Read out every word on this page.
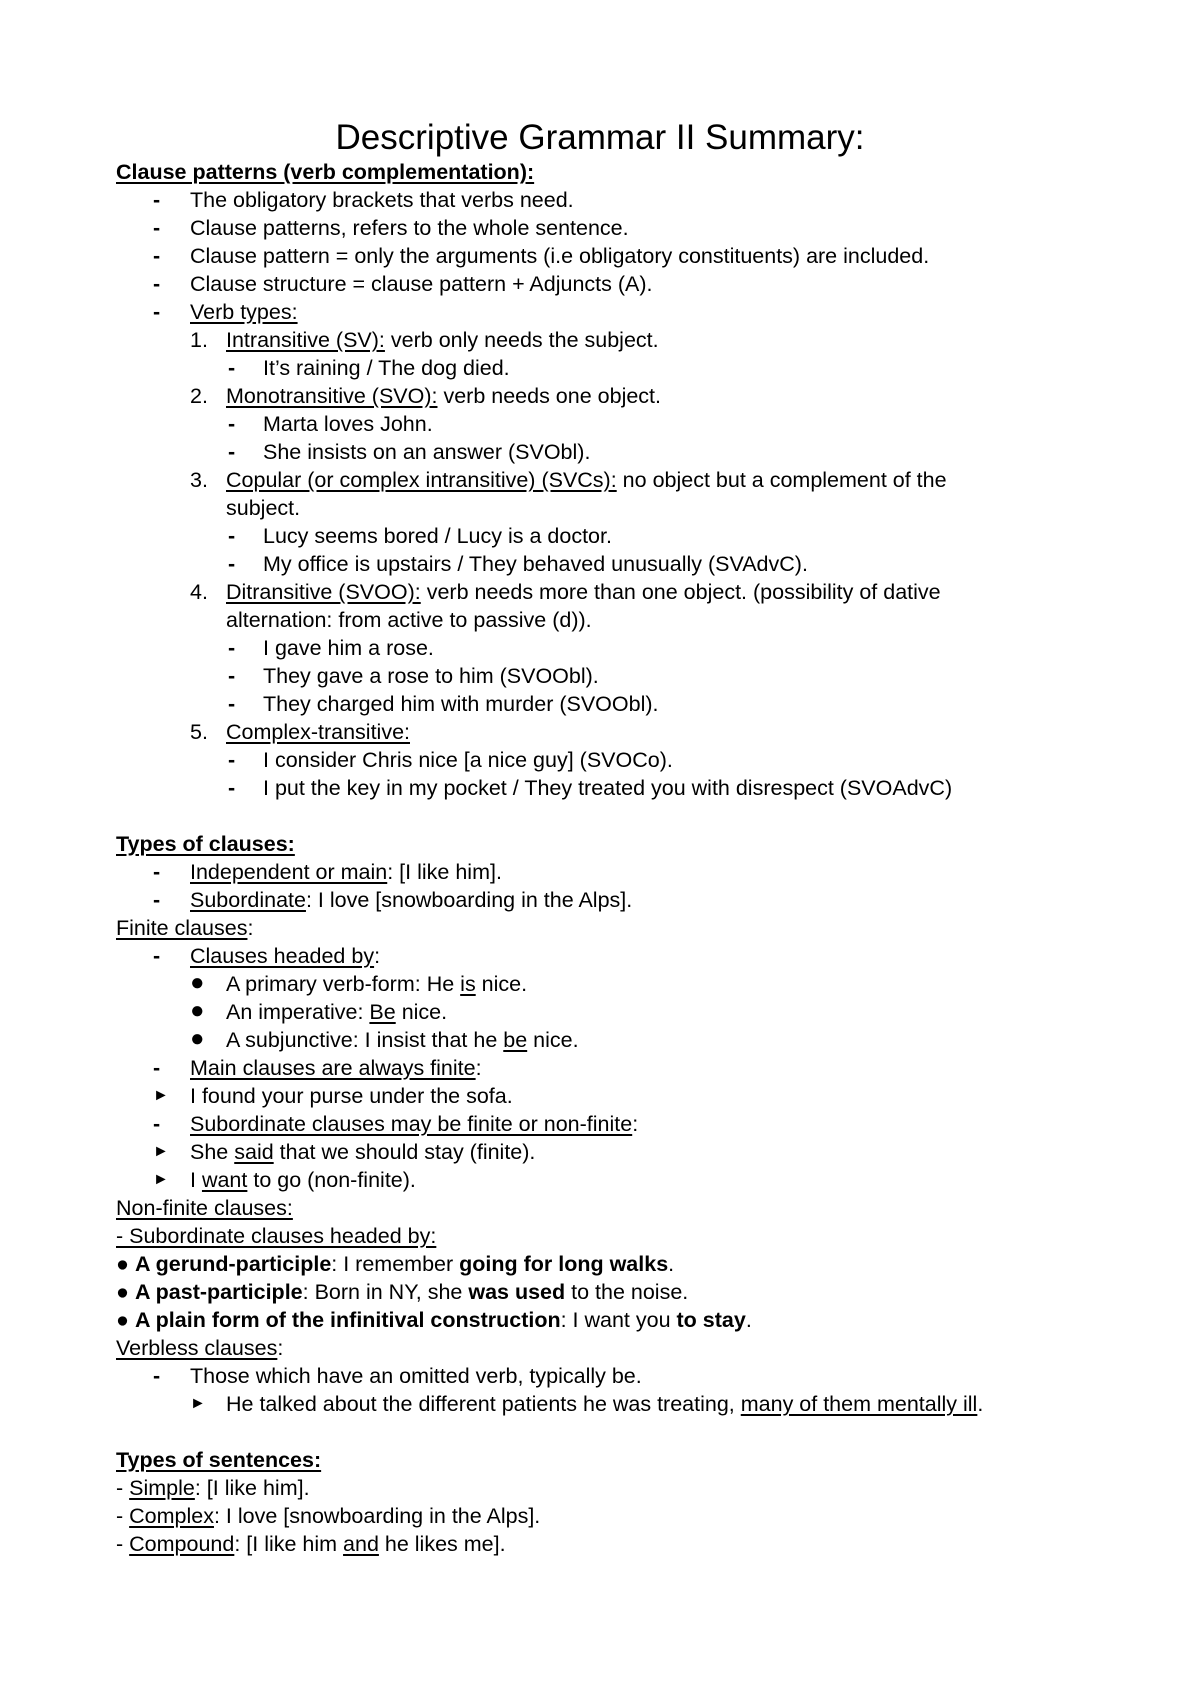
Descriptive Grammar II Summary:
Clause patterns (verb complementation):
- The obligatory brackets that verbs need.
- Clause patterns, refers to the whole sentence.
- Clause pattern = only the arguments (i.e obligatory constituents) are included.
- Clause structure = clause pattern + Adjuncts (A).
- Verb types:
1. Intransitive (SV): verb only needs the subject.
- It’s raining / The dog died.
2. Monotransitive (SVO): verb needs one object.
- Marta loves John.
- She insists on an answer (SVObl).
3. Copular (or complex intransitive) (SVCs): no object but a complement of the
subject.
- Lucy seems bored / Lucy is a doctor.
- My office is upstairs / They behaved unusually (SVAdvC).
4. Ditransitive (SVOO): verb needs more than one object. (possibility of dative
alternation: from active to passive (d)).
- I gave him a rose.
- They gave a rose to him (SVOObl).
- They charged him with murder (SVOObl).
5. Complex-transitive:
- I consider Chris nice [a nice guy] (SVOCo).
- I put the key in my pocket / They treated you with disrespect (SVOAdvC)
Types of clauses:
- Independent or main: [I like him].
- Subordinate: I love [snowboarding in the Alps].
Finite clauses:
- Clauses headed by:
● A primary verb-form: He is nice.
● An imperative: Be nice.
● A subjunctive: I insist that he be nice.
- Main clauses are always finite:
► I found your purse under the sofa.
- Subordinate clauses may be finite or non-finite:
► She said that we should stay (finite).
► I want to go (non-finite).
Non-finite clauses:
- Subordinate clauses headed by:
● A gerund-participle: I remember going for long walks.
● A past-participle: Born in NY, she was used to the noise.
● A plain form of the infinitival construction: I want you to stay.
Verbless clauses:
- Those which have an omitted verb, typically be.
► He talked about the different patients he was treating, many of them mentally ill.
Types of sentences:
- Simple: [I like him].
- Complex: I love [snowboarding in the Alps].
- Compound: [I like him and he likes me].
